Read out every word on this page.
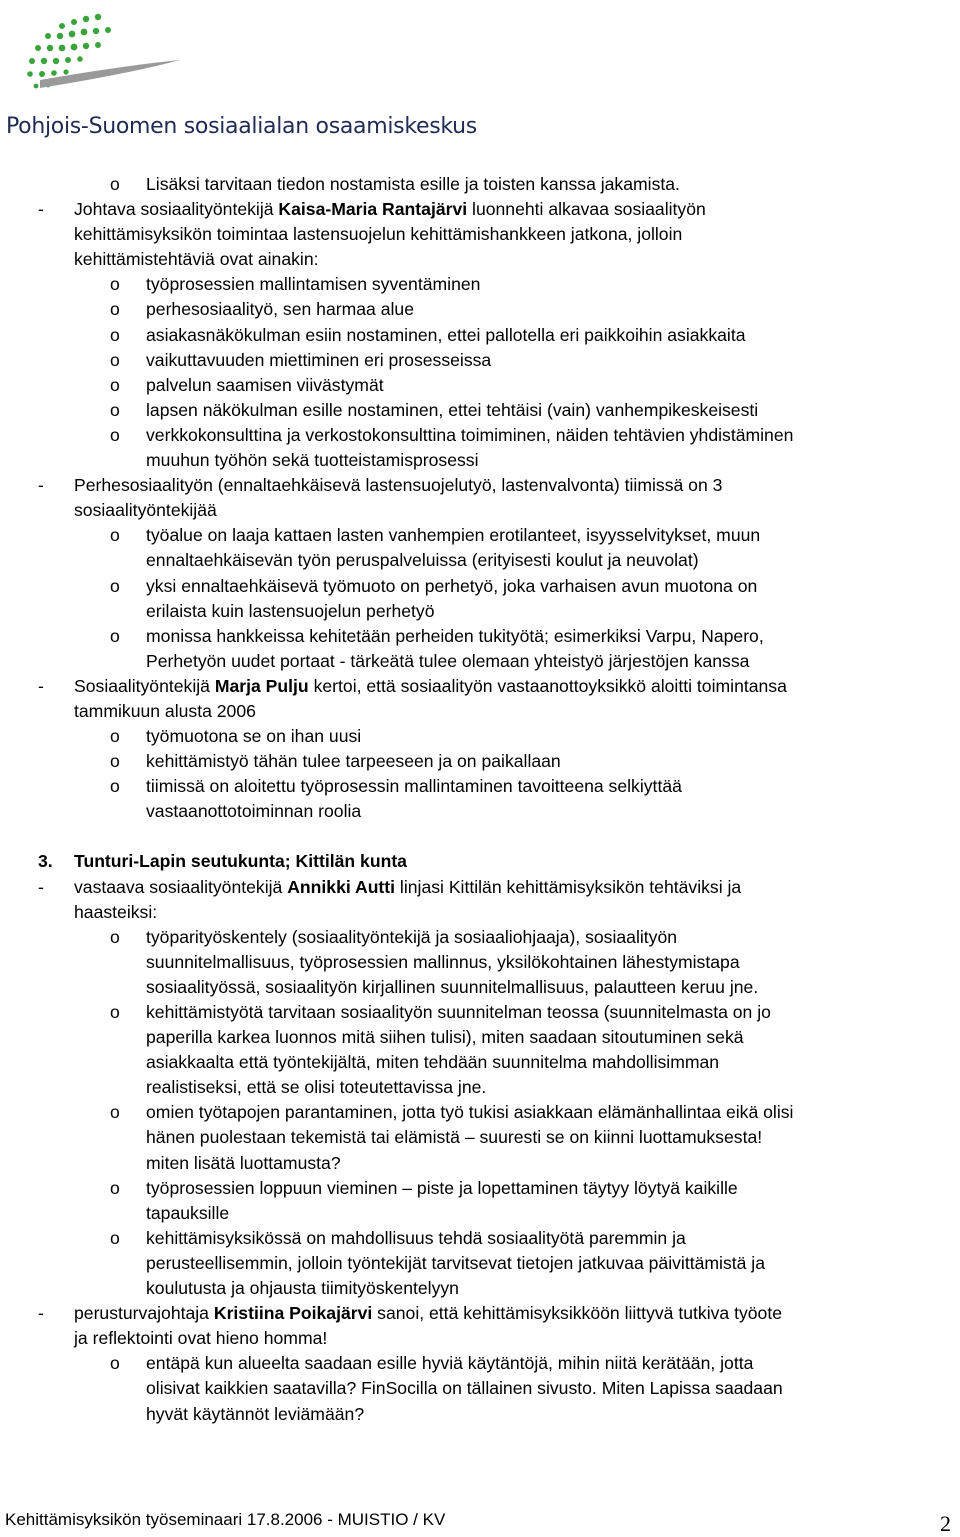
Pohjois-Suomen sosiaalialan osaamiskeskus
o Lisäksi tarvitaan tiedon nostamista esille ja toisten kanssa jakamista.
- Johtava sosiaalityöntekijä Kaisa-Maria Rantajärvi luonnehti alkavaa sosiaalityön
kehittämisyksikön toimintaa lastensuojelun kehittämishankkeen jatkona, jolloin
kehittämistehtäviä ovat ainakin:
o työprosessien mallintamisen syventäminen
o perhesosiaalityö, sen harmaa alue
o asiakasnäkökulman esiin nostaminen, ettei pallotella eri paikkoihin asiakkaita
o vaikuttavuuden miettiminen eri prosesseissa
o palvelun saamisen viivästymät
o lapsen näkökulman esille nostaminen, ettei tehtäisi (vain) vanhempikeskeisesti
o verkkokonsulttina ja verkostokonsulttina toimiminen, näiden tehtävien yhdistäminen
muuhun työhön sekä tuotteistamisprosessi
- Perhesosiaalityön (ennaltaehkäisevä lastensuojelutyö, lastenvalvonta) tiimissä on 3
sosiaalityöntekijää
o työalue on laaja kattaen lasten vanhempien erotilanteet, isyysselvitykset, muun
ennaltaehkäisevän työn peruspalveluissa (erityisesti koulut ja neuvolat)
o yksi ennaltaehkäisevä työmuoto on perhetyö, joka varhaisen avun muotona on
erilaista kuin lastensuojelun perhetyö
o monissa hankkeissa kehitetään perheiden tukityötä; esimerkiksi Varpu, Napero,
Perhetyön uudet portaat - tärkeätä tulee olemaan yhteistyö järjestöjen kanssa
- Sosiaalityöntekijä Marja Pulju kertoi, että sosiaalityön vastaanottoyksikkö aloitti toimintansa
tammikuun alusta 2006
o työmuotona se on ihan uusi
o kehittämistyö tähän tulee tarpeeseen ja on paikallaan
o tiimissä on aloitettu työprosessin mallintaminen tavoitteena selkiyttää
vastaanottotoiminnan roolia
3. Tunturi-Lapin seutukunta; Kittilän kunta
- vastaava sosiaalityöntekijä Annikki Autti linjasi Kittilän kehittämisyksikön tehtäviksi ja
haasteiksi:
o työparityöskentely (sosiaalityöntekijä ja sosiaaliohjaaja), sosiaalityön
suunnitelmallisuus, työprosessien mallinnus, yksilökohtainen lähestymistapa
sosiaalityössä, sosiaalityön kirjallinen suunnitelmallisuus, palautteen keruu jne.
o kehittämistyötä tarvitaan sosiaalityön suunnitelman teossa (suunnitelmasta on jo
paperilla karkea luonnos mitä siihen tulisi), miten saadaan sitoutuminen sekä
asiakkaalta että työntekijältä, miten tehdään suunnitelma mahdollisimman
realistiseksi, että se olisi toteutettavissa jne.
o omien työtapojen parantaminen, jotta työ tukisi asiakkaan elämänhallintaa eikä olisi
hänen puolestaan tekemistä tai elämistä – suuresti se on kiinni luottamuksesta!
miten lisätä luottamusta?
o työprosessien loppuun vieminen – piste ja lopettaminen täytyy löytyä kaikille
tapauksille
o kehittämisyksikössä on mahdollisuus tehdä sosiaalityötä paremmin ja
perusteellisemmin, jolloin työntekijät tarvitsevat tietojen jatkuvaa päivittämistä ja
koulutusta ja ohjausta tiimityöskentelyyn
- perusturvajohtaja Kristiina Poikajärvi sanoi, että kehittämisyksikköön liittyvä tutkiva työote
ja reflektointi ovat hieno homma!
o entäpä kun alueelta saadaan esille hyviä käytäntöjä, mihin niitä kerätään, jotta
olisivat kaikkien saatavilla? FinSocilla on tällainen sivusto. Miten Lapissa saadaan
hyvät käytännöt leviämään?
Kehittämisyksikön työseminaari 17.8.2006 - MUISTIO / KV	2
